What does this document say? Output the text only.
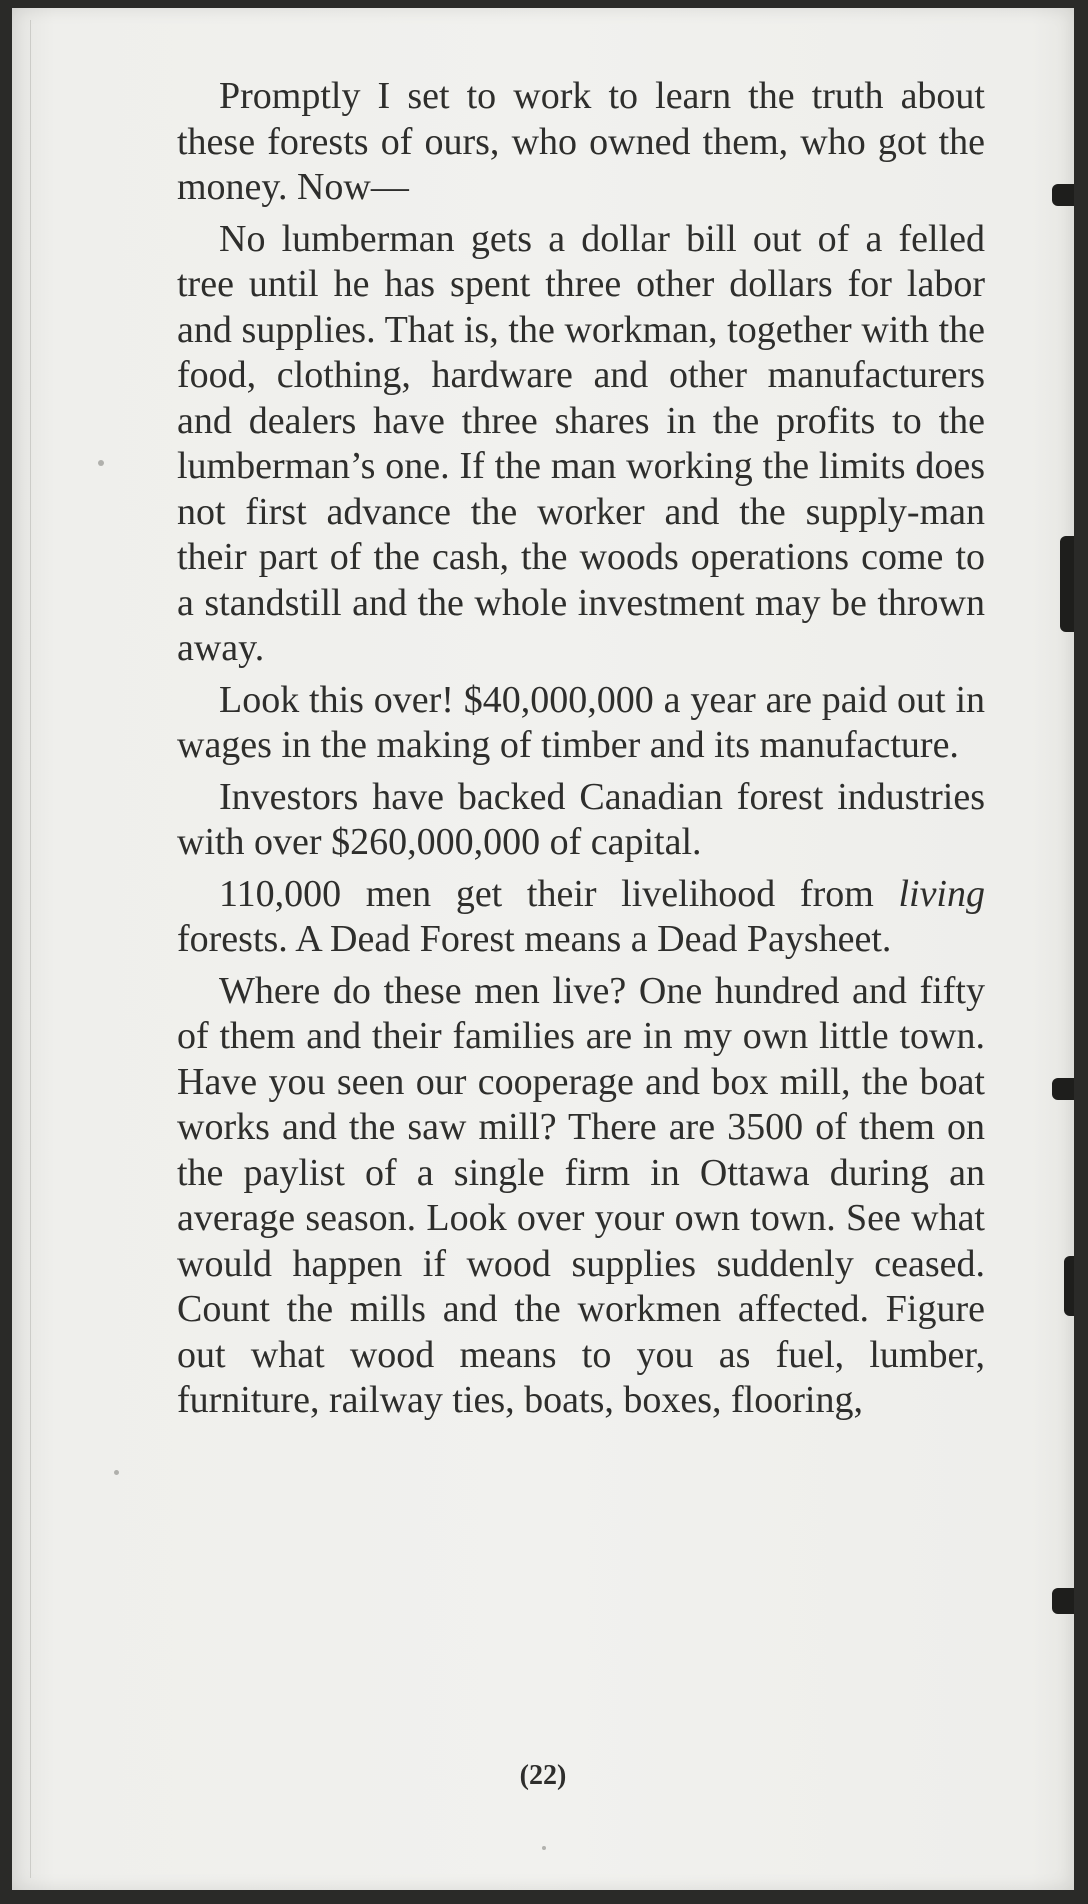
Promptly I set to work to learn the truth about these forests of ours, who owned them, who got the money. Now—

No lumberman gets a dollar bill out of a felled tree until he has spent three other dollars for labor and supplies. That is, the workman, together with the food, clothing, hardware and other manufacturers and dealers have three shares in the profits to the lumberman’s one. If the man working the limits does not first advance the worker and the supply-man their part of the cash, the woods operations come to a standstill and the whole investment may be thrown away.

Look this over! $40,000,000 a year are paid out in wages in the making of timber and its manufacture.

Investors have backed Canadian forest industries with over $260,000,000 of capital.

110,000 men get their livelihood from living forests. A Dead Forest means a Dead Paysheet.

Where do these men live? One hundred and fifty of them and their families are in my own little town. Have you seen our cooperage and box mill, the boat works and the saw mill? There are 3500 of them on the paylist of a single firm in Ottawa during an average season. Look over your own town. See what would happen if wood supplies suddenly ceased. Count the mills and the workmen affected. Figure out what wood means to you as fuel, lumber, furniture, railway ties, boats, boxes, flooring,

(22)
